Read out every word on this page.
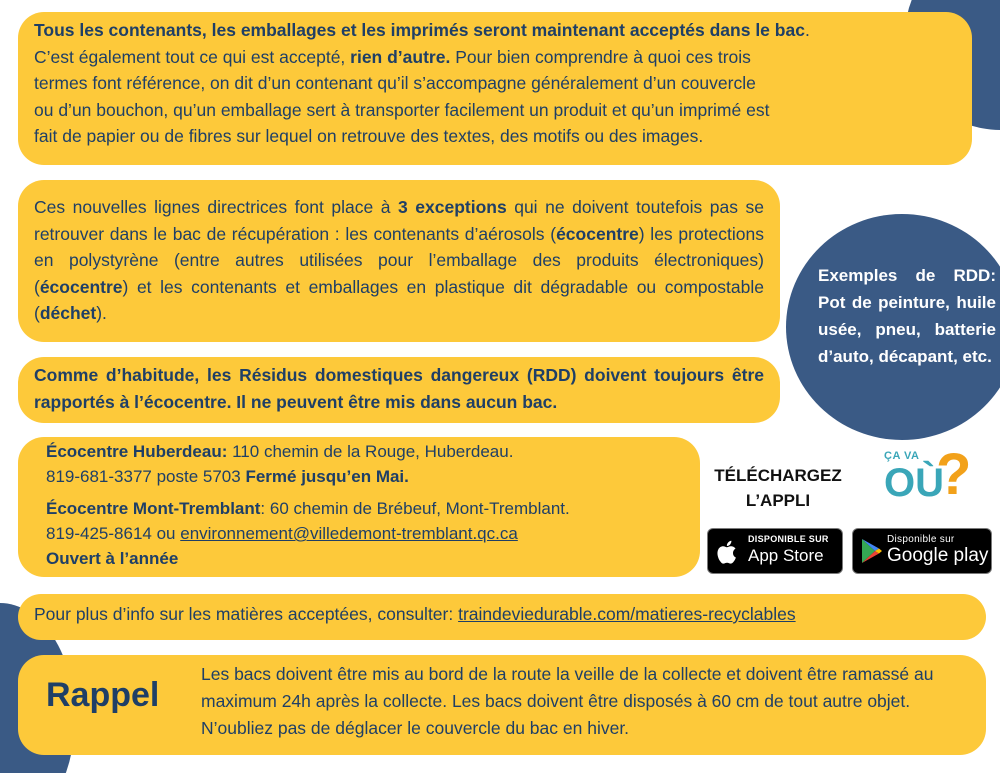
Tous les contenants, les emballages et les imprimés seront maintenant acceptés dans le bac.
C’est également tout ce qui est accepté, rien d’autre. Pour bien comprendre à quoi ces trois
termes font référence, on dit d’un contenant qu’il s’accompagne généralement d’un couvercle
ou d’un bouchon, qu’un emballage sert à transporter facilement un produit et qu’un imprimé est
fait de papier ou de fibres sur lequel on retrouve des textes, des motifs ou des images.
Ces nouvelles lignes directrices font place à 3 exceptions qui ne doivent toutefois pas se retrouver dans le bac de récupération : les contenants d’aérosols (écocentre) les protections en polystyrène (entre autres utilisées pour l’emballage des produits électroniques) (écocentre) et les contenants et emballages en plastique dit dégradable ou compostable (déchet).
Comme d’habitude, les Résidus domestiques dangereux (RDD) doivent toujours être rapportés à l’écocentre. Il ne peuvent être mis dans aucun bac.
Écocentre Huberdeau: 110 chemin de la Rouge, Huberdeau.
819-681-3377 poste 5703 Fermé jusqu’en Mai.
Écocentre Mont-Tremblant: 60 chemin de Brébeuf, Mont-Tremblant.
819-425-8614 ou environnement@villedemont-tremblant.qc.ca
Ouvert à l’année
Exemples de RDD: Pot de peinture, huile usée, pneu, batterie d’auto, décapant, etc.
TÉLÉCHARGEZ
L’APPLI
ÇA VA
OÙ
?
DISPONIBLE SUR
App Store
Disponible sur
Google play
Pour plus d’info sur les matières acceptées, consulter: traindeviedurable.com/matieres-recyclables
Rappel
Les bacs doivent être mis au bord de la route la veille de la collecte et doivent être ramassé au maximum 24h après la collecte. Les bacs doivent être disposés à 60 cm de tout autre objet. N’oubliez pas de déglacer le couvercle du bac en hiver.
